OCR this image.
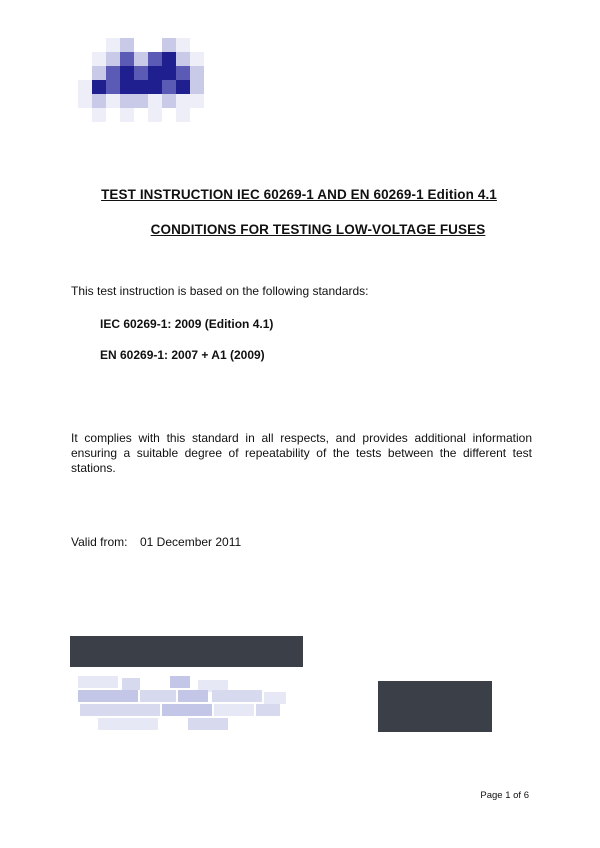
TEST INSTRUCTION IEC 60269-1 AND EN 60269-1 Edition 4.1
CONDITIONS FOR TESTING LOW-VOLTAGE FUSES
This test instruction is based on the following standards:
IEC 60269-1: 2009 (Edition 4.1)
EN 60269-1: 2007 + A1 (2009)
It complies with this standard in all respects, and provides additional information ensuring a suitable degree of repeatability of the tests between the different test stations.
Valid from: 01 December 2011
Page 1 of 6
